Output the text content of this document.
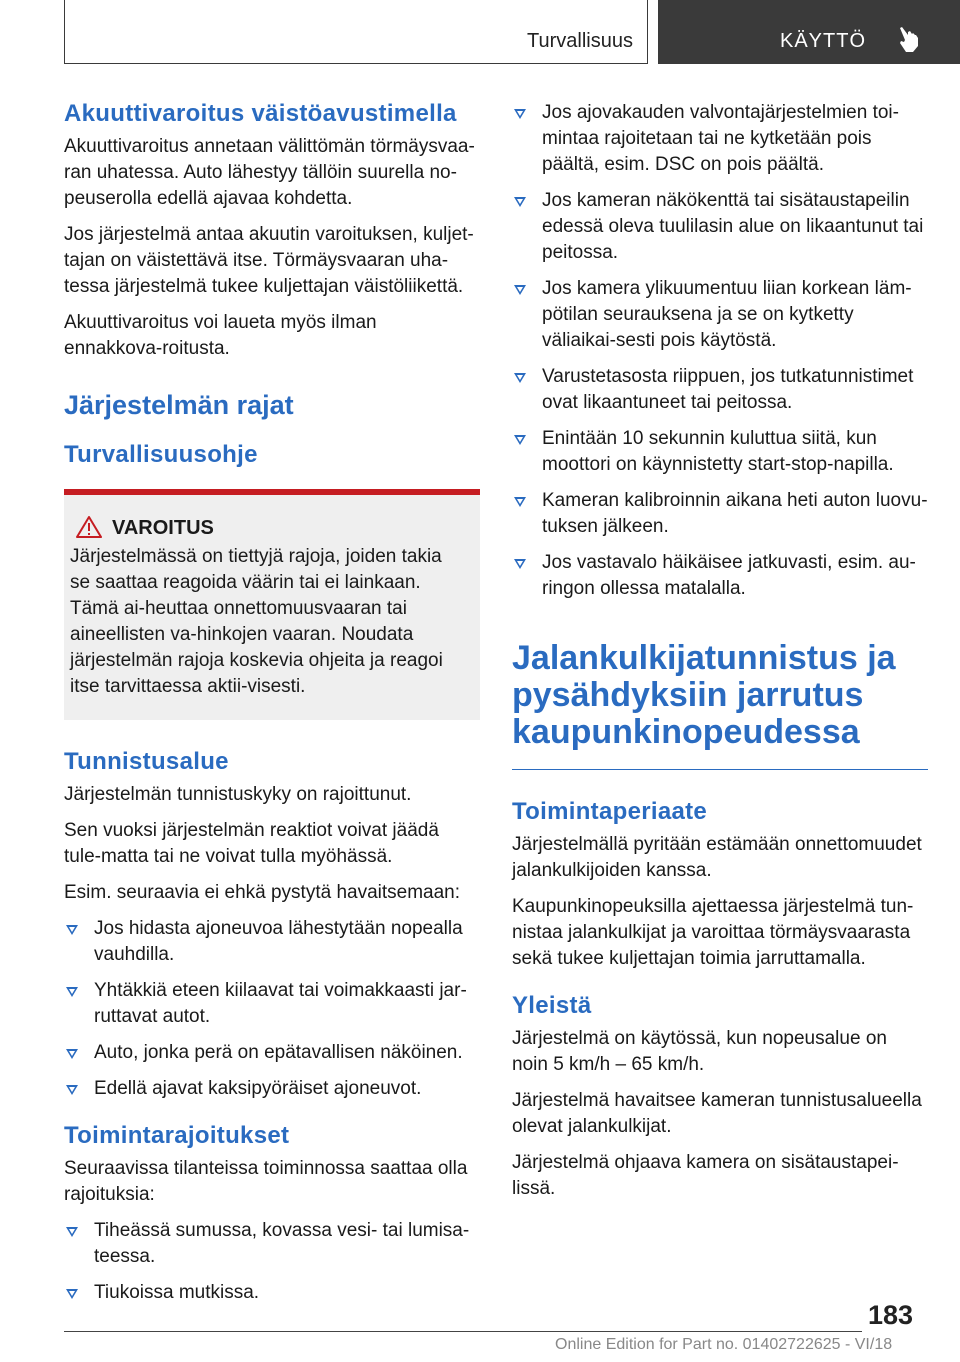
Turvallisuus	KÄYTTÖ
Akuuttivaroitus väistöavustimella

Akuuttivaroitus annetaan välittömän törmäysvaa-ran uhatessa. Auto lähestyy tällöin suurella no-peuserolla edellä ajavaa kohdetta.

Jos järjestelmä antaa akuutin varoituksen, kuljet-tajan on väistettävä itse. Törmäysvaaran uha-tessa järjestelmä tukee kuljettajan väistöliikettä.

Akuuttivaroitus voi laueta myös ilman ennakkova-roitusta.

Järjestelmän rajat
Turvallisuusohje
VAROITUS

Järjestelmässä on tiettyjä rajoja, joiden takia se saattaa reagoida väärin tai ei lainkaan. Tämä ai-heuttaa onnettomuusvaaran tai aineellisten va-hinkojen vaaran. Noudata järjestelmän rajoja koskevia ohjeita ja reagoi itse tarvittaessa aktii-visesti.

Tunnistusalue

Järjestelmän tunnistuskyky on rajoittunut.

Sen vuoksi järjestelmän reaktiot voivat jäädä tule-matta tai ne voivat tulla myöhässä.

Esim. seuraavia ei ehkä pystytä havaitsemaan:

Jos hidasta ajoneuvoa lähestytään nopealla vauhdilla.
Yhtäkkiä eteen kiilaavat tai voimakkaasti jar-ruttavat autot.
Auto, jonka perä on epätavallisen näköinen.
Edellä ajavat kaksipyöräiset ajoneuvot.
Toimintarajoitukset

Seuraavissa tilanteissa toiminnossa saattaa olla rajoituksia:

Tiheässä sumussa, kovassa vesi- tai lumisa-teessa.
Tiukoissa mutkissa.
Jos ajovakauden valvontajärjestelmien toi-mintaa rajoitetaan tai ne kytketään pois päältä, esim. DSC on pois päältä.
Jos kameran näkökenttä tai sisätaustapeilin edessä oleva tuulilasin alue on likaantunut tai peitossa.
Jos kamera ylikuumentuu liian korkean läm-pötilan seurauksena ja se on kytketty väliaikai-sesti pois käytöstä.
Varustetasosta riippuen, jos tutkatunnistimet ovat likaantuneet tai peitossa.
Enintään 10 sekunnin kuluttua siitä, kun moottori on käynnistetty start-stop-napilla.
Kameran kalibroinnin aikana heti auton luovu-tuksen jälkeen.
Jos vastavalo häikäisee jatkuvasti, esim. au-ringon ollessa matalalla.
Jalankulkijatunnistus ja pysähdyksiin jarrutus kaupunkinopeudessa
Toimintaperiaate

Järjestelmällä pyritään estämään onnettomuudet jalankulkijoiden kanssa.

Kaupunkinopeuksilla ajettaessa järjestelmä tun-nistaa jalankulkijat ja varoittaa törmäysvaarasta sekä tukee kuljettajan toimia jarruttamalla.

Yleistä

Järjestelmä on käytössä, kun nopeusalue on noin 5 km/h – 65 km/h.

Järjestelmä havaitsee kameran tunnistusalueella olevat jalankulkijat.

Järjestelmä ohjaava kamera on sisätaustapei-lissä.

183
Online Edition for Part no. 01402722625 - VI/18
